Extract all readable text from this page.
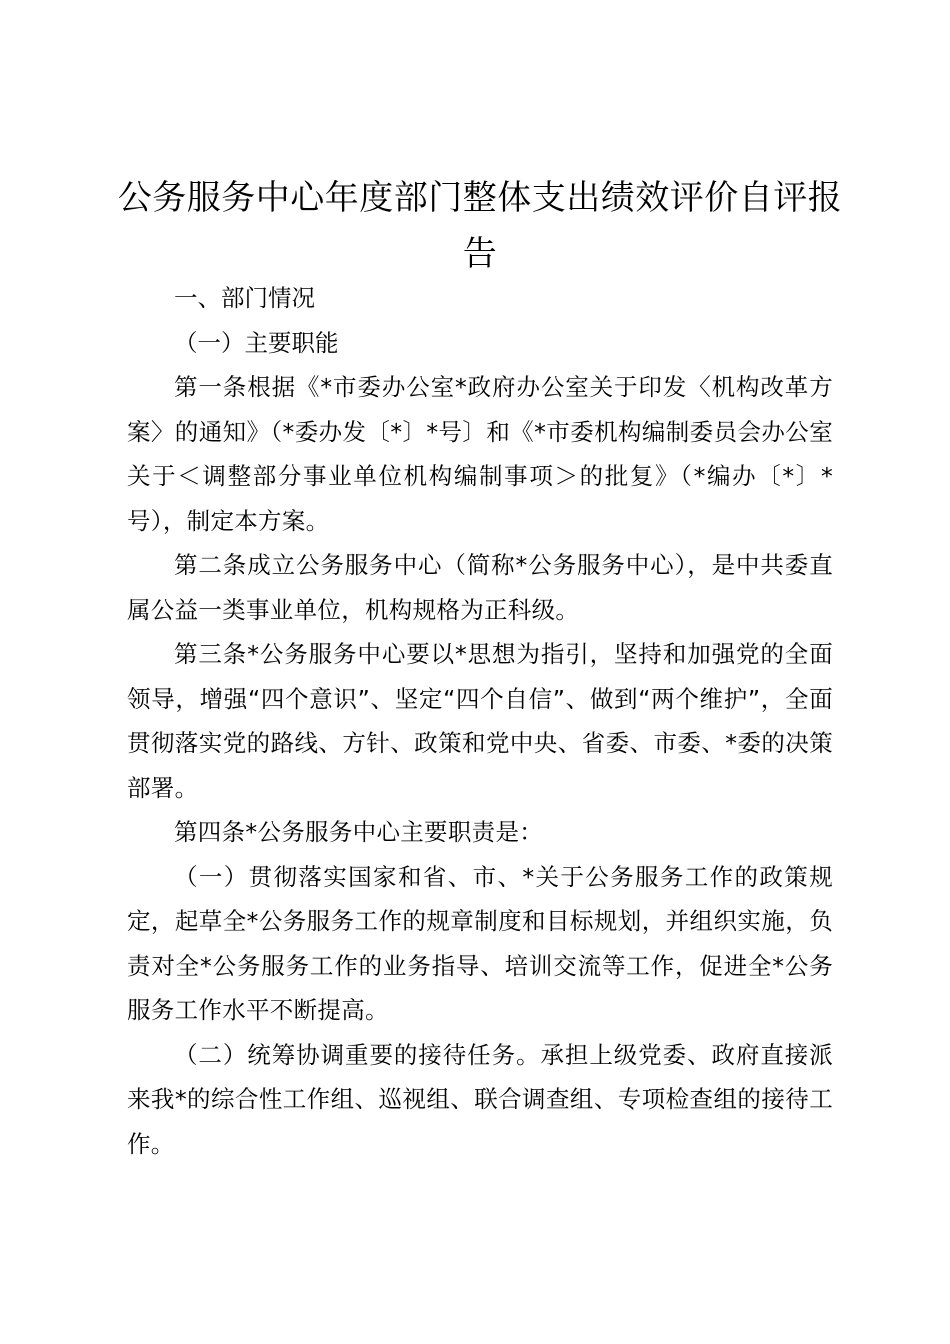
公务服务中心年度部门整体支出绩效评价自评报告

一、部门情况

（一）主要职能

第一条根据《*市委办公室*政府办公室关于印发〈机构改革方案〉的通知》（*委办发〔*〕*号〕和《*市委机构编制委员会办公室关于＜调整部分事业单位机构编制事项＞的批复》（*编办〔*〕*号），制定本方案。

第二条成立公务服务中心（简称*公务服务中心），是中共委直属公益一类事业单位，机构规格为正科级。

第三条*公务服务中心要以*思想为指引，坚持和加强党的全面领导，增强“四个意识”、坚定“四个自信”、做到“两个维护”，全面贯彻落实党的路线、方针、政策和党中央、省委、市委、*委的决策部署。

第四条*公务服务中心主要职责是：

（一）贯彻落实国家和省、市、*关于公务服务工作的政策规定，起草全*公务服务工作的规章制度和目标规划，并组织实施，负责对全*公务服务工作的业务指导、培训交流等工作，促进全*公务服务工作水平不断提高。

（二）统筹协调重要的接待任务。承担上级党委、政府直接派来我*的综合性工作组、巡视组、联合调查组、专项检查组的接待工作。
